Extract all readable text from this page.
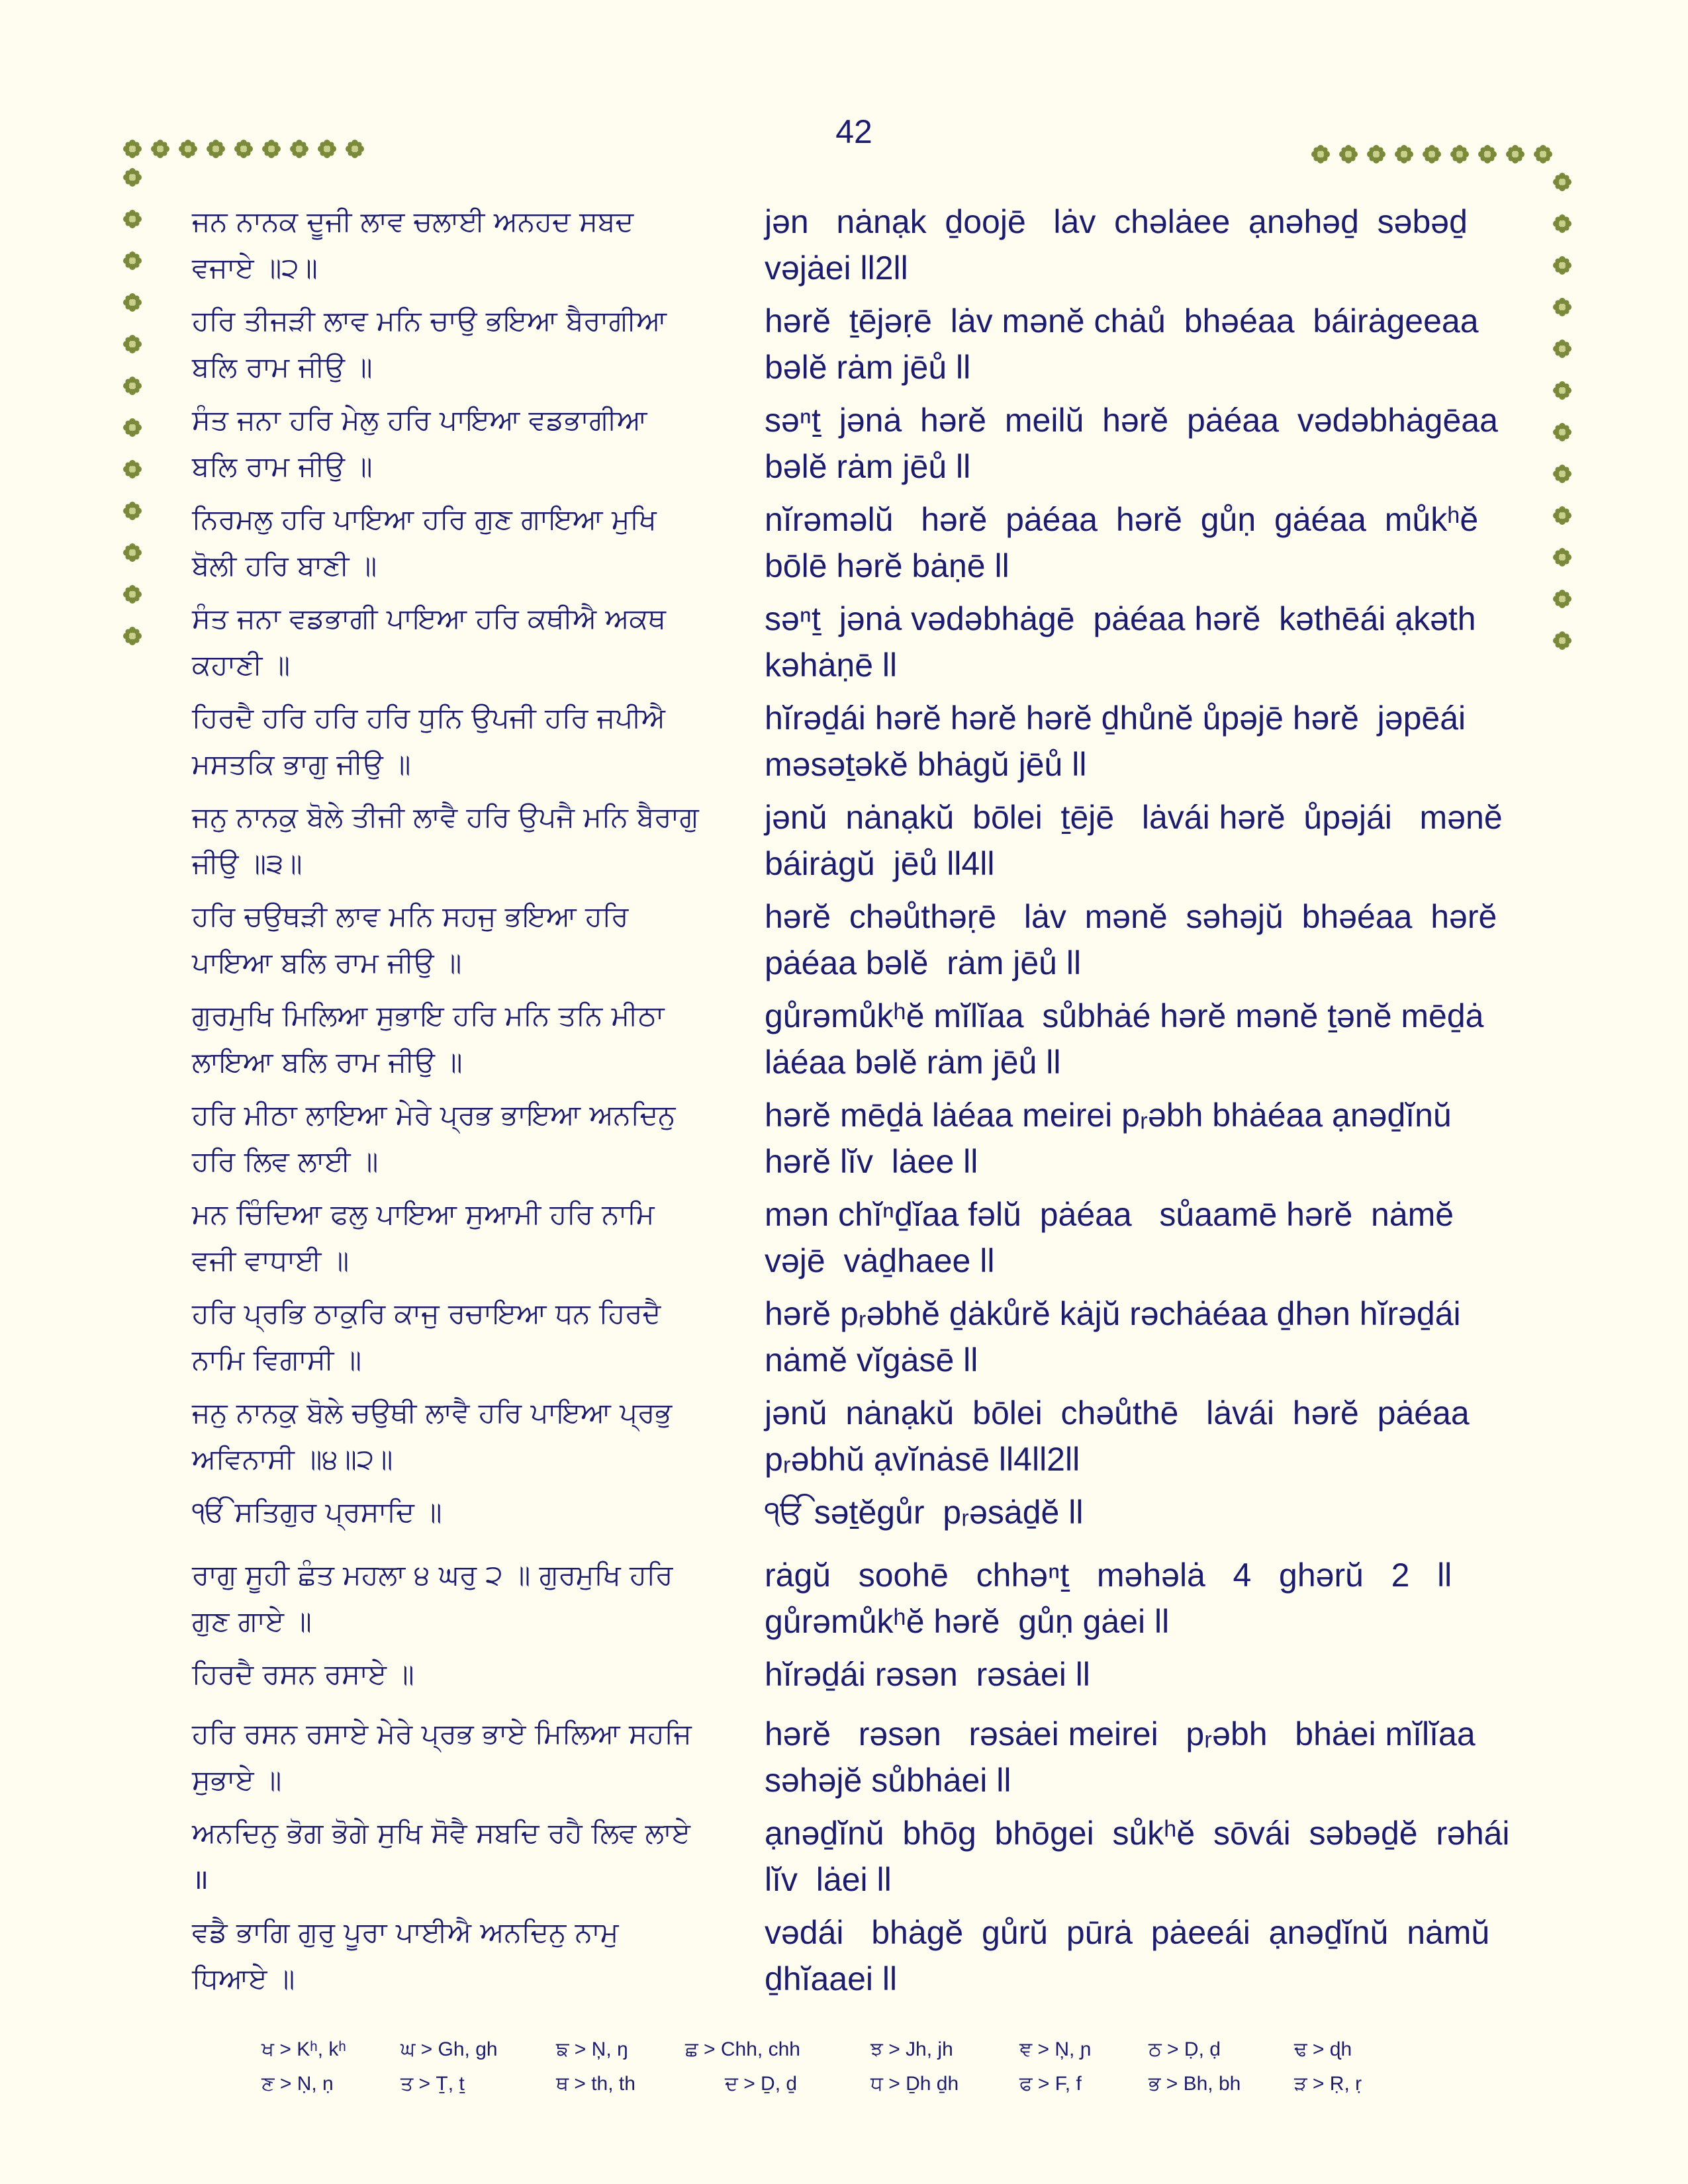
42
ਜਨ ਨਾਨਕ ਦੂਜੀ ਲਾਵ ਚਲਾਈ ਅਨਹਦ ਸਬਦ
ਵਜਾਏ ॥੨॥
jən   nȧnạk  ḏoojē   lȧv  chəlȧee  ạnəhəḏ  səbəḏ
vəjȧei ll2ll
ਹਰਿ ਤੀਜੜੀ ਲਾਵ ਮਨਿ ਚਾਉ ਭਇਆ ਬੈਰਾਗੀਆ
ਬਲਿ ਰਾਮ ਜੀਉ ॥
hərĕ  ṯējəṛē  lȧv mənĕ chȧů  bhəéaa  báirȧgeeaa
bəlĕ rȧm jēů ll
ਸੰਤ ਜਨਾ ਹਰਿ ਮੇਲੁ ਹਰਿ ਪਾਇਆ ਵਡਭਾਗੀਆ
ਬਲਿ ਰਾਮ ਜੀਉ ॥
səⁿṯ  jənȧ  hərĕ  meilŭ  hərĕ  pȧéaa  vədəbhȧgēaa
bəlĕ rȧm jēů ll
ਨਿਰਮਲੁ ਹਰਿ ਪਾਇਆ ਹਰਿ ਗੁਣ ਗਾਇਆ ਮੁਖਿ
ਬੋਲੀ ਹਰਿ ਬਾਣੀ ॥
nĭrəməlŭ   hərĕ  pȧéaa  hərĕ  gůṇ  gȧéaa  můkʰĕ
bōlē hərĕ bȧṇē ll
ਸੰਤ ਜਨਾ ਵਡਭਾਗੀ ਪਾਇਆ ਹਰਿ ਕਥੀਐ ਅਕਥ
ਕਹਾਣੀ ॥
səⁿṯ  jənȧ vədəbhȧgē  pȧéaa hərĕ  kəthēái ạkəth
kəhȧṇē ll
ਹਿਰਦੈ ਹਰਿ ਹਰਿ ਹਰਿ ਧੁਨਿ ਉਪਜੀ ਹਰਿ ਜਪੀਐ
ਮਸਤਕਿ ਭਾਗੁ ਜੀਉ ॥
hĭrəḏái hərĕ hərĕ hərĕ ḏhůnĕ ůpəjē hərĕ  jəpēái
məsəṯəkĕ bhȧgŭ jēů ll
ਜਨੁ ਨਾਨਕੁ ਬੋਲੇ ਤੀਜੀ ਲਾਵੈ ਹਰਿ ਉਪਜੈ ਮਨਿ ਬੈਰਾਗੁ
ਜੀਉ ॥੩॥
jənŭ  nȧnạkŭ  bōlei  ṯējē   lȧvái hərĕ  ůpəjái   mənĕ
báirȧgŭ  jēů ll4ll
ਹਰਿ ਚਉਥੜੀ ਲਾਵ ਮਨਿ ਸਹਜੁ ਭਇਆ ਹਰਿ
ਪਾਇਆ ਬਲਿ ਰਾਮ ਜੀਉ ॥
hərĕ  chəůthəṛē   lȧv  mənĕ  səhəjŭ  bhəéaa  hərĕ
pȧéaa bəlĕ  rȧm jēů ll
ਗੁਰਮੁਖਿ ਮਿਲਿਆ ਸੁਭਾਇ ਹਰਿ ਮਨਿ ਤਨਿ ਮੀਠਾ
ਲਾਇਆ ਬਲਿ ਰਾਮ ਜੀਉ ॥
gůrəmůkʰĕ mĭlĭaa  sůbhȧé hərĕ mənĕ ṯənĕ mēḏȧ
lȧéaa bəlĕ rȧm jēů ll
ਹਰਿ ਮੀਠਾ ਲਾਇਆ ਮੇਰੇ ਪ੍ਰਭ ਭਾਇਆ ਅਨਦਿਨੁ
ਹਰਿ ਲਿਵ ਲਾਈ ॥
hərĕ mēḏȧ lȧéaa meirei pᵣəbh bhȧéaa ạnəḏĭnŭ
hərĕ lĭv  lȧee ll
ਮਨ ਚਿੰਦਿਆ ਫਲੁ ਪਾਇਆ ਸੁਆਮੀ ਹਰਿ ਨਾਮਿ
ਵਜੀ ਵਾਧਾਈ ॥
mən chĭⁿḏĭaa fəlŭ  pȧéaa   sůaamē hərĕ  nȧmĕ
vəjē  vȧḏhaee ll
ਹਰਿ ਪ੍ਰਭਿ ਠਾਕੁਰਿ ਕਾਜੁ ਰਚਾਇਆ ਧਨ ਹਿਰਦੈ
ਨਾਮਿ ਵਿਗਾਸੀ ॥
hərĕ pᵣəbhĕ ḏȧkůrĕ kȧjŭ rəchȧéaa ḏhən hĭrəḏái
nȧmĕ vĭgȧsē ll
ਜਨੁ ਨਾਨਕੁ ਬੋਲੇ ਚਉਥੀ ਲਾਵੈ ਹਰਿ ਪਾਇਆ ਪ੍ਰਭੁ
ਅਵਿਨਾਸੀ ॥੪॥੨॥
jənŭ  nȧnạkŭ  bōlei  chəůthē   lȧvái  hərĕ  pȧéaa
pᵣəbhŭ ạvĭnȧsē ll4ll2ll
ੴ ਸਤਿਗੁਰ ਪ੍ਰਸਾਦਿ ॥	ੴ səṯĕgůr  pᵣəsȧḏĕ ll
ਰਾਗੁ ਸੂਹੀ ਛੰਤ ਮਹਲਾ ੪ ਘਰੁ ੨ ॥ ਗੁਰਮੁਖਿ ਹਰਿ
ਗੁਣ ਗਾਏ ॥
rȧgŭ   soohē   chhəⁿṯ   məhəlȧ   4   ghərŭ   2   ll
gůrəmůkʰĕ hərĕ  gůṇ gȧei ll
ਹਿਰਦੈ ਰਸਨ ਰਸਾਏ ॥	hĭrəḏái rəsən  rəsȧei ll
ਹਰਿ ਰਸਨ ਰਸਾਏ ਮੇਰੇ ਪ੍ਰਭ ਭਾਏ ਮਿਲਿਆ ਸਹਜਿ
ਸੁਭਾਏ ॥
hərĕ   rəsən   rəsȧei meirei   pᵣəbh   bhȧei mĭlĭaa
səhəjĕ sůbhȧei ll
ਅਨਦਿਨੁ ਭੋਗ ਭੋਗੇ ਸੁਖਿ ਸੋਵੈ ਸਬਦਿ ਰਹੈ ਲਿਵ ਲਾਏ
॥
ạnəḏĭnŭ  bhōg  bhōgei  sůkʰĕ  sōvái  səbəḏĕ  rəhái
lĭv  lȧei ll
ਵਡੈ ਭਾਗਿ ਗੁਰੁ ਪੂਰਾ ਪਾਈਐ ਅਨਦਿਨੁ ਨਾਮੁ
ਧਿਆਏ ॥
vədái   bhȧgĕ  gůrŭ  pūrȧ  pȧeeái  ạnəḏĭnŭ  nȧmŭ
ḏhĭaaei ll
ਖ > Kʰ, kʰ	ਘ > Gh, gh	ਙ > Ņ, ŋ	ਛ > Chh, chh	ਝ > Jh, jh	ਞ > Ņ, ɲ	ਠ > Ḍ, ḍ	ਢ > ɖh
ਣ > Ṇ, ṇ	ਤ > Ṯ, ṯ	ਥ > th, th	ਦ > Ḏ, ḏ	ਧ > Ḏh ḏh	ਫ > F, f	ਭ > Bh, bh	ੜ > Ṛ, ṛ
